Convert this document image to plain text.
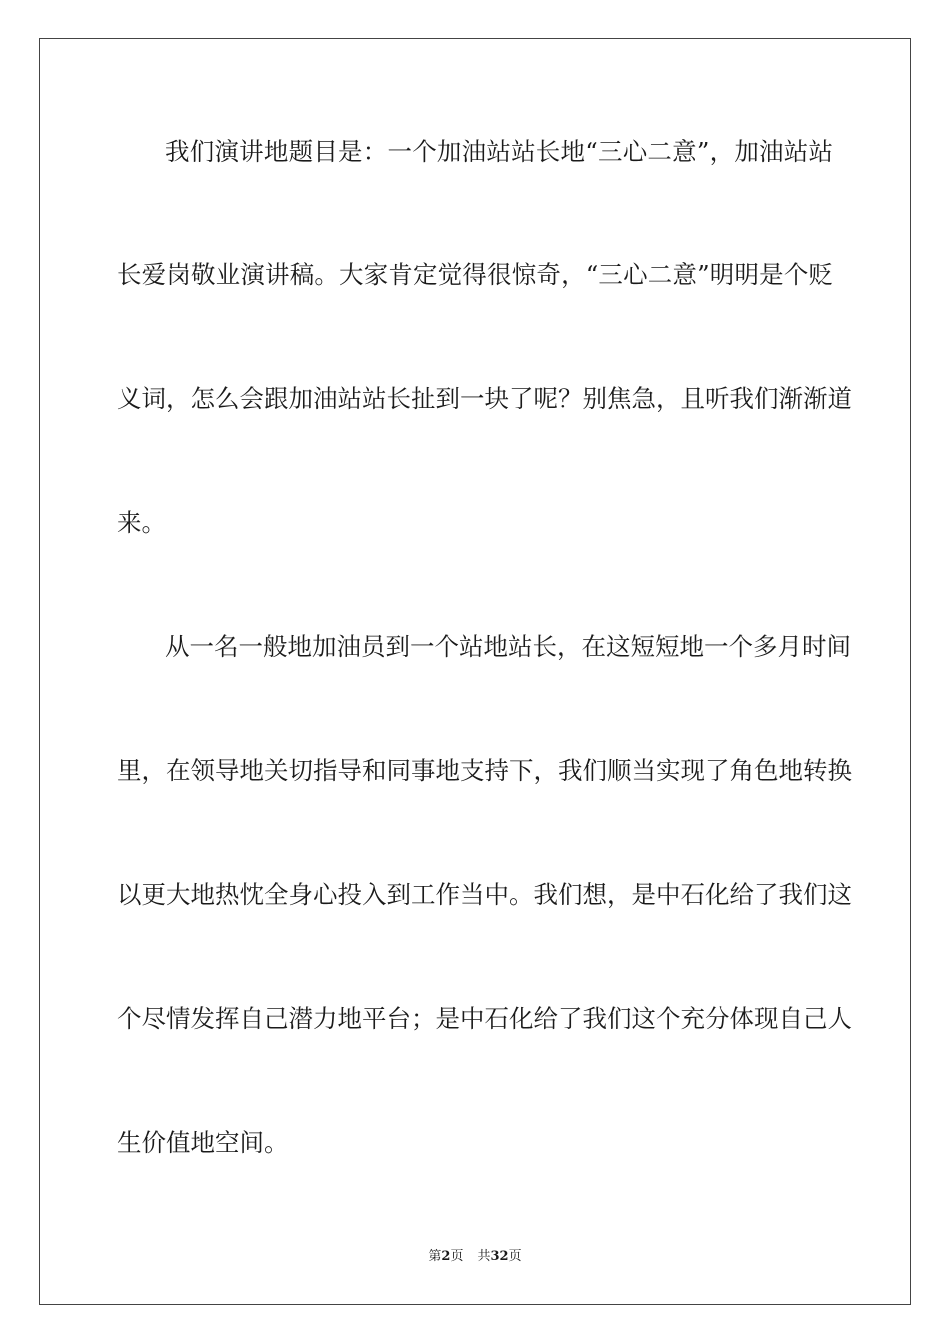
我们演讲地题目是：一个加油站站长地“三心二意”，加油站站
长爱岗敬业演讲稿。大家肯定觉得很惊奇，“三心二意”明明是个贬
义词，怎么会跟加油站站长扯到一块了呢？别焦急，且听我们渐渐道
来。
从一名一般地加油员到一个站地站长，在这短短地一个多月时间
里，在领导地关切指导和同事地支持下，我们顺当实现了角色地转换
以更大地热忱全身心投入到工作当中。我们想，是中石化给了我们这
个尽情发挥自己潜力地平台；是中石化给了我们这个充分体现自己人
生价值地空间。
第2页 共32页
